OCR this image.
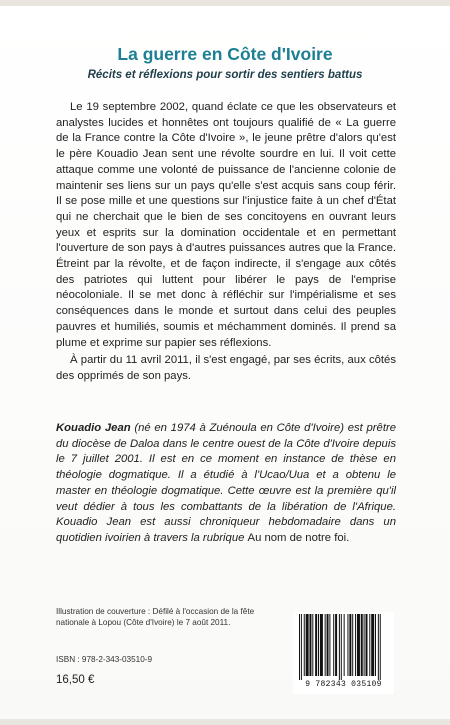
La guerre en Côte d'Ivoire
Récits et réflexions pour sortir des sentiers battus

Le 19 septembre 2002, quand éclate ce que les observateurs et analystes lucides et honnêtes ont toujours qualifié de « La guerre de la France contre la Côte d'Ivoire », le jeune prêtre d'alors qu'est le père Kouadio Jean sent une révolte sourdre en lui. Il voit cette attaque comme une volonté de puissance de l'ancienne colonie de maintenir ses liens sur un pays qu'elle s'est acquis sans coup férir. Il se pose mille et une questions sur l'injustice faite à un chef d'État qui ne cherchait que le bien de ses concitoyens en ouvrant leurs yeux et esprits sur la domination occidentale et en permettant l'ouverture de son pays à d'autres puissances autres que la France. Étreint par la révolte, et de façon indirecte, il s'engage aux côtés des patriotes qui luttent pour libérer le pays de l'emprise néocoloniale. Il se met donc à réfléchir sur l'impérialisme et ses conséquences dans le monde et surtout dans celui des peuples pauvres et humiliés, soumis et méchamment dominés. Il prend sa plume et exprime sur papier ses réflexions.

À partir du 11 avril 2011, il s'est engagé, par ses écrits, aux côtés des opprimés de son pays.

Kouadio Jean (né en 1974 à Zuénoula en Côte d'Ivoire) est prêtre du diocèse de Daloa dans le centre ouest de la Côte d'Ivoire depuis le 7 juillet 2001. Il est en ce moment en instance de thèse en théologie dogmatique. Il a étudié à l'Ucao/Uua et a obtenu le master en théologie dogmatique. Cette œuvre est la première qu'il veut dédier à tous les combattants de la libération de l'Afrique. Kouadio Jean est aussi chroniqueur hebdomadaire dans un quotidien ivoirien à travers la rubrique Au nom de notre foi.

Illustration de couverture : Défilé à l'occasion de la fête nationale à Lopou (Côte d'Ivoire) le 7 août 2011.
ISBN : 978-2-343-03510-9
16,50 €	9 782343 035109
